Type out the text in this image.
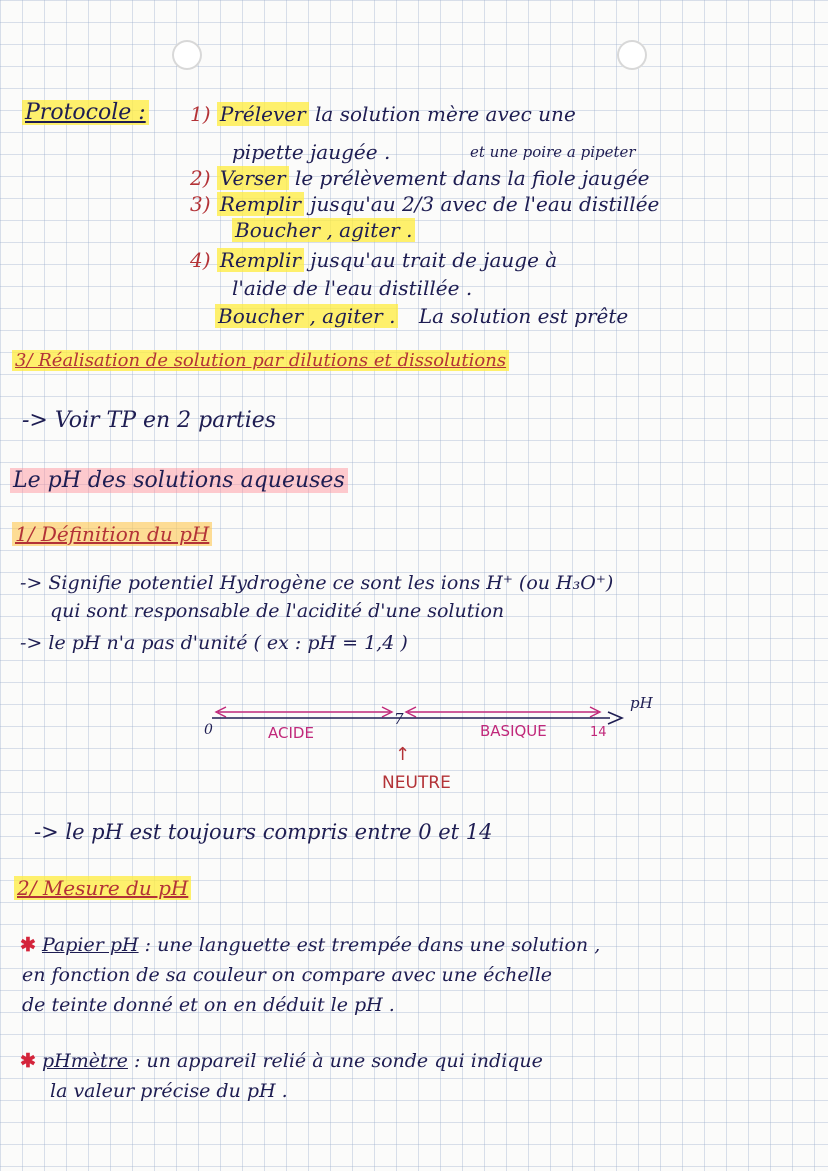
Protocole : 1) Prélever la solution mère avec une
pipette jaugée .	et une poire a pipeter
2) Verser le prélèvement dans la fiole jaugée
3) Remplir jusqu'au 2/3 avec de l'eau distillée
Boucher , agiter .
4) Remplir jusqu'au trait de jauge à
l'aide de l'eau distillée .
Boucher , agiter . La solution est prête
3/ Réalisation de solution par dilutions et dissolutions
-> Voir TP en 2 parties
Le pH des solutions aqueuses
1/ Définition du pH
-> Signifie potentiel Hydrogène ce sont les ions H⁺ (ou H₃O⁺)
qui sont responsable de l'acidité d'une solution
-> le pH n'a pas d'unité ( ex : pH = 1,4 )
0
7
14
pH
ACIDE	BASIQUE
↑
NEUTRE
-> le pH est toujours compris entre 0 et 14
2/ Mesure du pH
✱ Papier pH : une languette est trempée dans une solution ,
en fonction de sa couleur on compare avec une échelle
de teinte donné et on en déduit le pH .
✱ pHmètre : un appareil relié à une sonde qui indique
la valeur précise du pH .
